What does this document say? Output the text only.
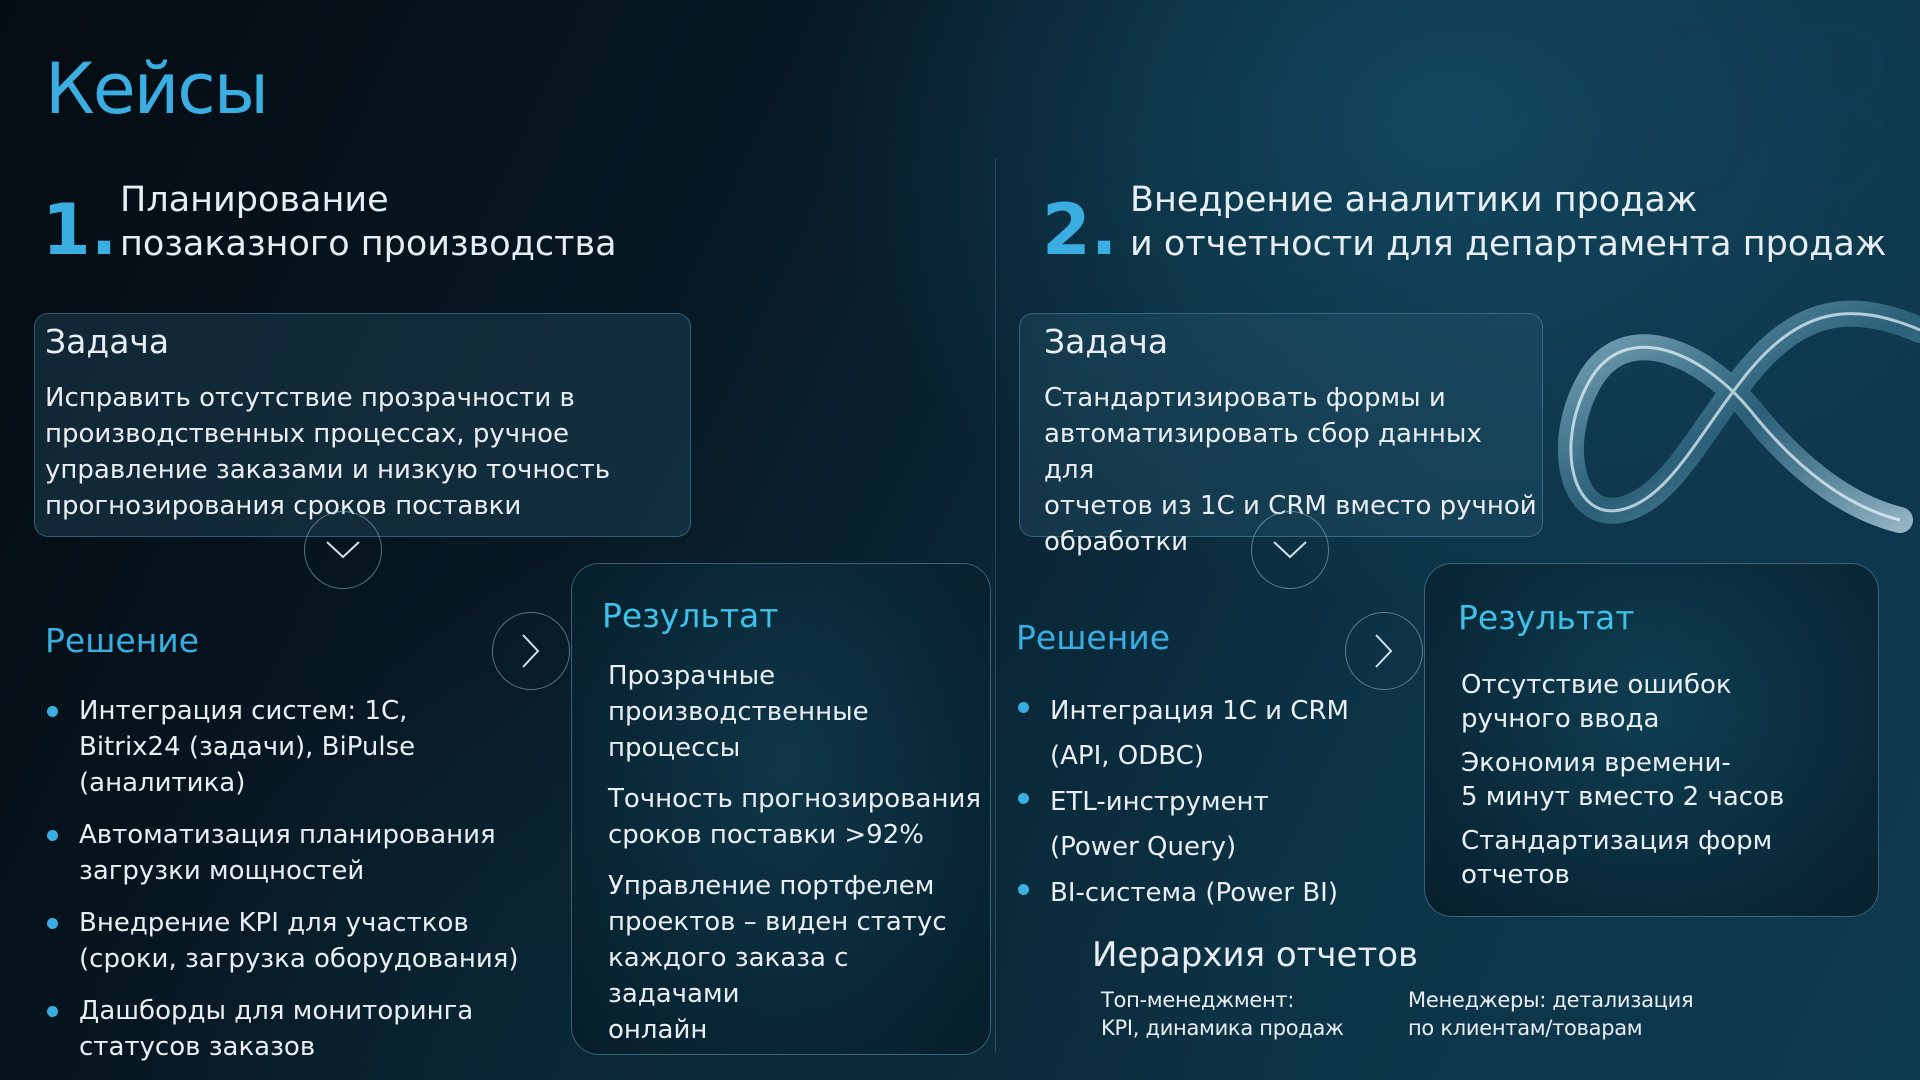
03
Кейсы
1. Планирование
позаказного производства
Задача
Исправить отсутствие прозрачности в
производственных процессах, ручное
управление заказами и низкую точность
прогнозирования сроков поставки
Решение
Интеграция систем: 1С,
Bitrix24 (задачи), BiPulse (аналитика)
Автоматизация планирования
загрузки мощностей
Внедрение KPI для участков
(сроки, загрузка оборудования)
Дашборды для мониторинга
статусов заказов
Результат
Прозрачные
производственные
процессы
Точность прогнозирования
сроков поставки >92%
Управление портфелем
проектов – виден статус
каждого заказа с задачами
онлайн
2. Внедрение аналитики продаж
и отчетности для департамента продаж
Задача
Стандартизировать формы и
автоматизировать сбор данных для
отчетов из 1С и CRM вместо ручной
обработки
Решение
Интеграция 1С и CRM
(API, ODBC)
ETL-инструмент
(Power Query)
BI-система (Power BI)
Результат
Отсутствие ошибок
ручного ввода
Экономия времени-
5 минут вместо 2 часов
Стандартизация форм отчетов
Иерархия отчетов
Топ-менеджмент:
KPI, динамика продаж
Менеджеры: детализация
по клиентам/товарам
